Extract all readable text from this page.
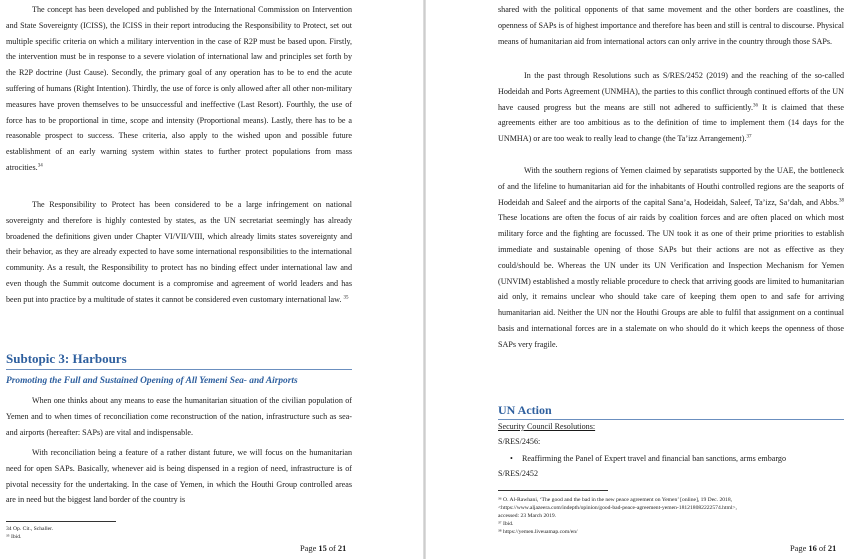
The concept has been developed and published by the International Commission on Intervention and State Sovereignty (ICISS), the ICISS in their report introducing the Responsibility to Protect, set out multiple specific criteria on which a military intervention in the case of R2P must be based upon. Firstly, the intervention must be in response to a severe violation of international law and principles set forth by the R2P doctrine (Just Cause). Secondly, the primary goal of any operation has to be to end the acute suffering of humans (Right Intention). Thirdly, the use of force is only allowed after all other non-military measures have proven themselves to be unsuccessful and ineffective (Last Resort). Fourthly, the use of force has to be proportional in time, scope and intensity (Proportional means). Lastly, there has to be a reasonable prospect to success. These criteria, also apply to the wished upon and possible future establishment of an early warning system within states to further protect populations from mass atrocities.$^{34}$

The Responsibility to Protect has been considered to be a large infringement on national sovereignty and therefore is highly contested by states, as the UN secretariat seemingly has already broadened the definitions given under Chapter VI/VII/VIII, which already limits states sovereignty and their behavior, as they are already expected to have some international responsibilities to the international community. As a result, the Responsibility to protect has no binding effect under international law and even though the Summit outcome document is a compromise and agreement of world leaders and has been put into practice by a multitude of states it cannot be considered even customary international law. $^{35}$

Subtopic 3: Harbours
Promoting the Full and Sustained Opening of All Yemeni Sea- and Airports

When one thinks about any means to ease the humanitarian situation of the civilian population of Yemen and to when times of reconciliation come reconstruction of the nation, infrastructure such as sea- and airports (hereafter: SAPs) are vital and indispensable.

With reconciliation being a feature of a rather distant future, we will focus on the humanitarian need for open SAPs. Basically, whenever aid is being dispensed in a region of need, infrastructure is of pivotal necessity for the undertaking. In the case of Yemen, in which the Houthi Group controlled areas are in need but the biggest land border of the country is

34 Op. Cit., Schaller.
³⁵ Ibid.

Page 15 of 21

shared with the political opponents of that same movement and the other borders are coastlines, the openness of SAPs is of highest importance and therefore has been and still is central to discourse. Physical means of humanitarian aid from international actors can only arrive in the country through those SAPs.

In the past through Resolutions such as S/RES/2452 (2019) and the reaching of the so-called Hodeidah and Ports Agreement (UNMHA), the parties to this conflict through continued efforts of the UN have caused progress but the means are still not adhered to sufficiently.$^{36}$ It is claimed that these agreements either are too ambitious as to the definition of time to implement them (14 days for the UNMHA) or are too weak to really lead to change (the Ta’izz Arrangement).$^{37}$

With the southern regions of Yemen claimed by separatists supported by the UAE, the bottleneck of and the lifeline to humanitarian aid for the inhabitants of Houthi controlled regions are the seaports of Hodeidah and Saleef and the airports of the capital Sana’a, Hodeidah, Saleef, Ta’izz, Sa’dah, and Abbs.$^{38}$ These locations are often the focus of air raids by coalition forces and are often placed on which most military force and the fighting are focussed. The UN took it as one of their prime priorities to establish immediate and sustainable opening of those SAPs but their actions are not as effective as they could/should be. Whereas the UN under its UN Verification and Inspection Mechanism for Yemen (UNVIM) established a mostly reliable procedure to check that arriving goods are limited to humanitarian aid only, it remains unclear who should take care of keeping them open to and safe for arriving humanitarian aid. Neither the UN nor the Houthi Groups are able to fulfil that assignment on a continual basis and international forces are in a stalemate on who should do it which keeps the openness of those SAPs very fragile.

UN Action

Security Council Resolutions:

S/RES/2456:

• Reaffirming the Panel of Expert travel and financial ban sanctions, arms embargo

S/RES/2452

³⁶ O. Al-Rawhani, ‘The good and the bad in the new peace agreement on Yemen’ [online], 19 Dec. 2018,
<https://www.aljazeera.com/indepth/opinion/good-bad-peace-agreement-yemen-181218082222574.html>,
accessed: 23 March 2019.
³⁷ Ibid.
³⁸ https://yemen.liveuamap.com/en/

Page 16 of 21
